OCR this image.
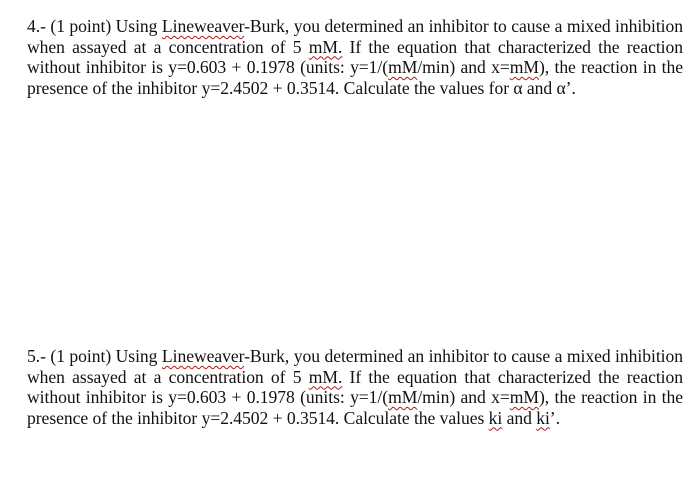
4.- (1 point) Using Lineweaver-Burk, you determined an inhibitor to cause a mixed inhibition when assayed at a concentration of 5 mM. If the equation that characterized the reaction without inhibitor is y=0.603 + 0.1978 (units: y=1/(mM/min) and x=mM), the reaction in the presence of the inhibitor y=2.4502 + 0.3514. Calculate the values for α and α’.
5.- (1 point) Using Lineweaver-Burk, you determined an inhibitor to cause a mixed inhibition when assayed at a concentration of 5 mM. If the equation that characterized the reaction without inhibitor is y=0.603 + 0.1978 (units: y=1/(mM/min) and x=mM), the reaction in the presence of the inhibitor y=2.4502 + 0.3514. Calculate the values ki and ki’.
